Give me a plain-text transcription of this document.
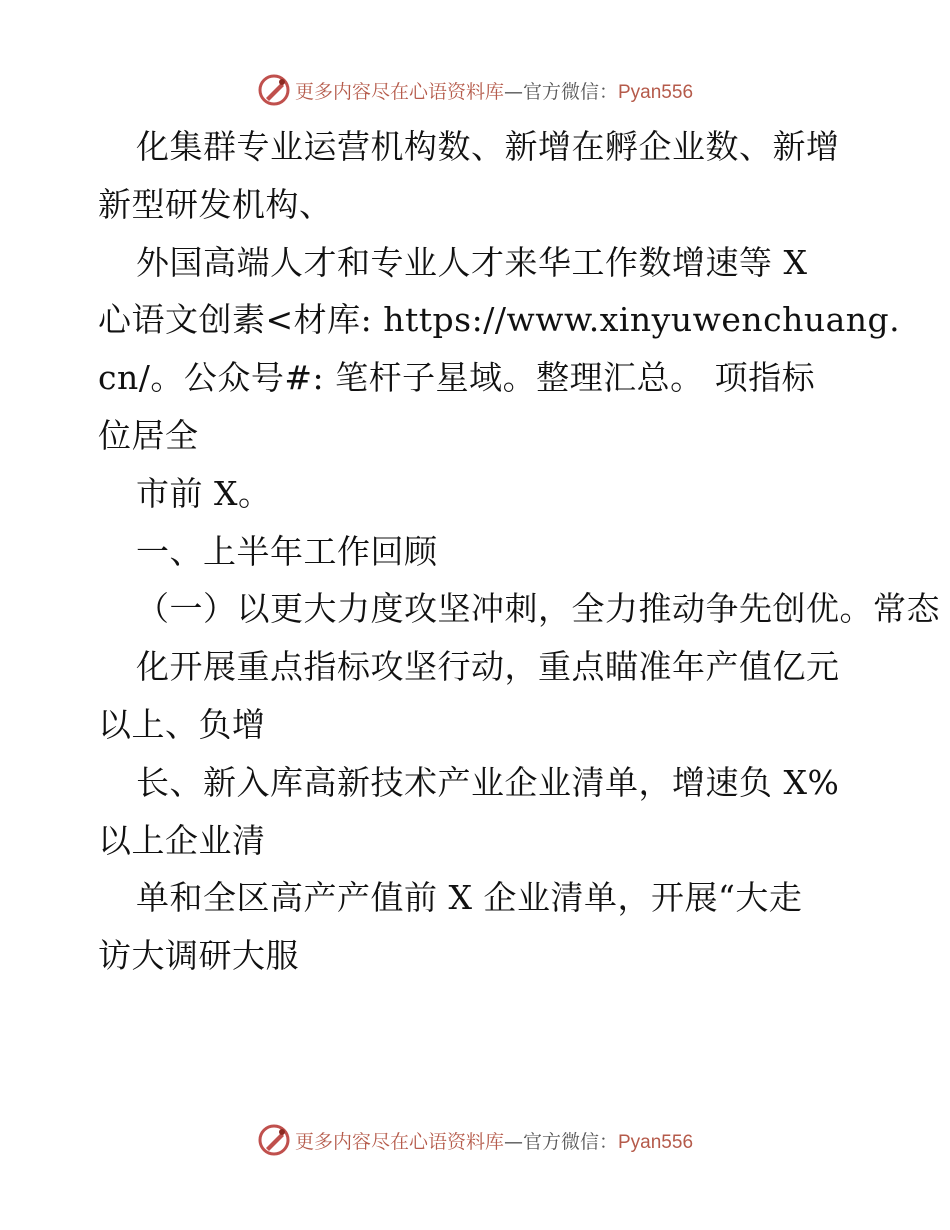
更多内容尽在心语资料库—官方微信：Pyan556
化集群专业运营机构数、新增在孵企业数、新增
新型研发机构、
外国高端人才和专业人才来华工作数增速等 X
心语文创素<材库: https://www.xinyuwenchuang.
cn/。公众号#: 笔杆子星域。整理汇总。 项指标
位居全
市前 X。
一、上半年工作回顾
（一）以更大力度攻坚冲刺，全力推动争先创优。常态
化开展重点指标攻坚行动，重点瞄准年产值亿元
以上、负增
长、新入库高新技术产业企业清单，增速负 X%
以上企业清
单和全区高产产值前 X 企业清单，开展“大走
访大调研大服
更多内容尽在心语资料库—官方微信：Pyan556
